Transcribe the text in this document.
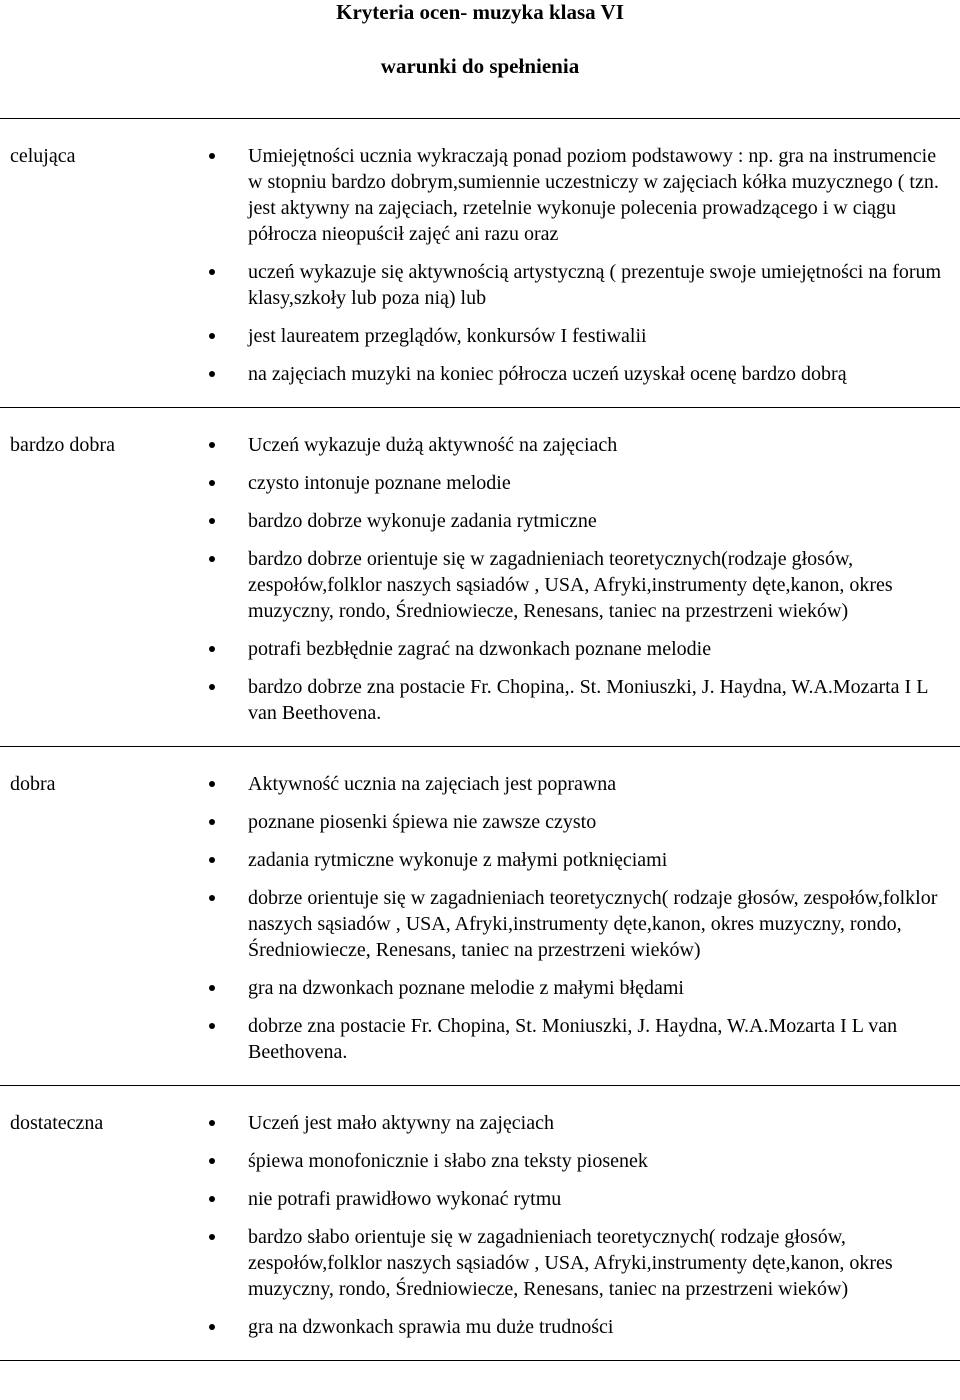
Kryteria ocen- muzyka klasa VI
warunki do spełnienia
celująca	Umiejętności ucznia wykraczają ponad poziom podstawowy : np. gra na instrumencie w stopniu bardzo dobrym,sumiennie uczestniczy w zajęciach kółka muzycznego ( tzn. jest aktywny na zajęciach, rzetelnie wykonuje polecenia prowadzącego i w ciągu półrocza nieopuścił zajęć ani razu oraz
uczeń wykazuje się aktywnością artystyczną ( prezentuje swoje umiejętności na forum klasy,szkoły lub poza nią) lub
jest laureatem przeglądów, konkursów I festiwalii
na zajęciach muzyki na koniec półrocza uczeń uzyskał ocenę bardzo dobrą
bardzo dobra	Uczeń wykazuje dużą aktywność na zajęciach
czysto intonuje poznane melodie
bardzo dobrze wykonuje zadania rytmiczne
bardzo dobrze orientuje się w zagadnieniach teoretycznych(rodzaje głosów, zespołów,folklor naszych sąsiadów , USA, Afryki,instrumenty dęte,kanon, okres muzyczny, rondo, Średniowiecze, Renesans, taniec na przestrzeni wieków)
potrafi bezbłędnie zagrać na dzwonkach poznane melodie
bardzo dobrze zna postacie Fr. Chopina,. St. Moniuszki, J. Haydna, W.A.Mozarta I L van Beethovena.
dobra	Aktywność ucznia na zajęciach jest poprawna
poznane piosenki śpiewa nie zawsze czysto
zadania rytmiczne wykonuje z małymi potknięciami
dobrze orientuje się w zagadnieniach teoretycznych( rodzaje głosów, zespołów,folklor naszych sąsiadów , USA, Afryki,instrumenty dęte,kanon, okres muzyczny, rondo, Średniowiecze, Renesans, taniec na przestrzeni wieków)
gra na dzwonkach poznane melodie z małymi błędami
dobrze zna postacie Fr. Chopina, St. Moniuszki, J. Haydna, W.A.Mozarta I L van Beethovena.
dostateczna	Uczeń jest mało aktywny na zajęciach
śpiewa monofonicznie i słabo zna teksty piosenek
nie potrafi prawidłowo wykonać rytmu
bardzo słabo orientuje się w zagadnieniach teoretycznych( rodzaje głosów, zespołów,folklor naszych sąsiadów , USA, Afryki,instrumenty dęte,kanon, okres muzyczny, rondo, Średniowiecze, Renesans, taniec na przestrzeni wieków)
gra na dzwonkach sprawia mu duże trudności
